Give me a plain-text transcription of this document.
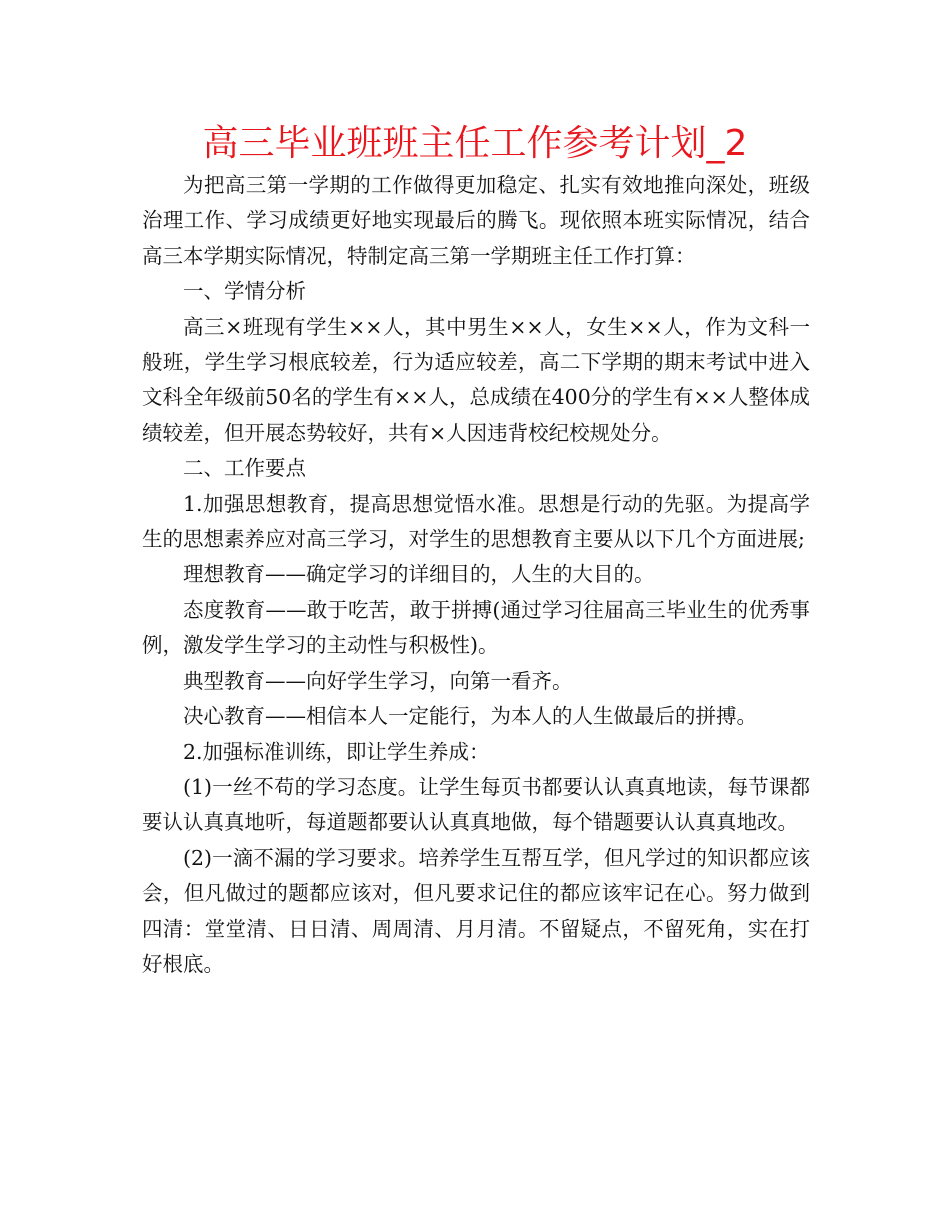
高三毕业班班主任工作参考计划_2

为把高三第一学期的工作做得更加稳定、扎实有效地推向深处，班级治理工作、学习成绩更好地实现最后的腾飞。现依照本班实际情况，结合高三本学期实际情况，特制定高三第一学期班主任工作打算：

一、学情分析

高三×班现有学生××人，其中男生××人，女生××人，作为文科一般班，学生学习根底较差，行为适应较差，高二下学期的期末考试中进入文科全年级前50名的学生有××人，总成绩在400分的学生有××人整体成绩较差，但开展态势较好，共有×人因违背校纪校规处分。

二、工作要点

1.加强思想教育，提高思想觉悟水准。思想是行动的先驱。为提高学生的思想素养应对高三学习，对学生的思想教育主要从以下几个方面进展;

理想教育——确定学习的详细目的，人生的大目的。

态度教育——敢于吃苦，敢于拼搏(通过学习往届高三毕业生的优秀事例，激发学生学习的主动性与积极性)。

典型教育——向好学生学习，向第一看齐。

决心教育——相信本人一定能行，为本人的人生做最后的拼搏。

2.加强标准训练，即让学生养成：

(1)一丝不苟的学习态度。让学生每页书都要认认真真地读，每节课都要认认真真地听，每道题都要认认真真地做，每个错题要认认真真地改。

(2)一滴不漏的学习要求。培养学生互帮互学，但凡学过的知识都应该会，但凡做过的题都应该对，但凡要求记住的都应该牢记在心。努力做到四清：堂堂清、日日清、周周清、月月清。不留疑点，不留死角，实在打好根底。
